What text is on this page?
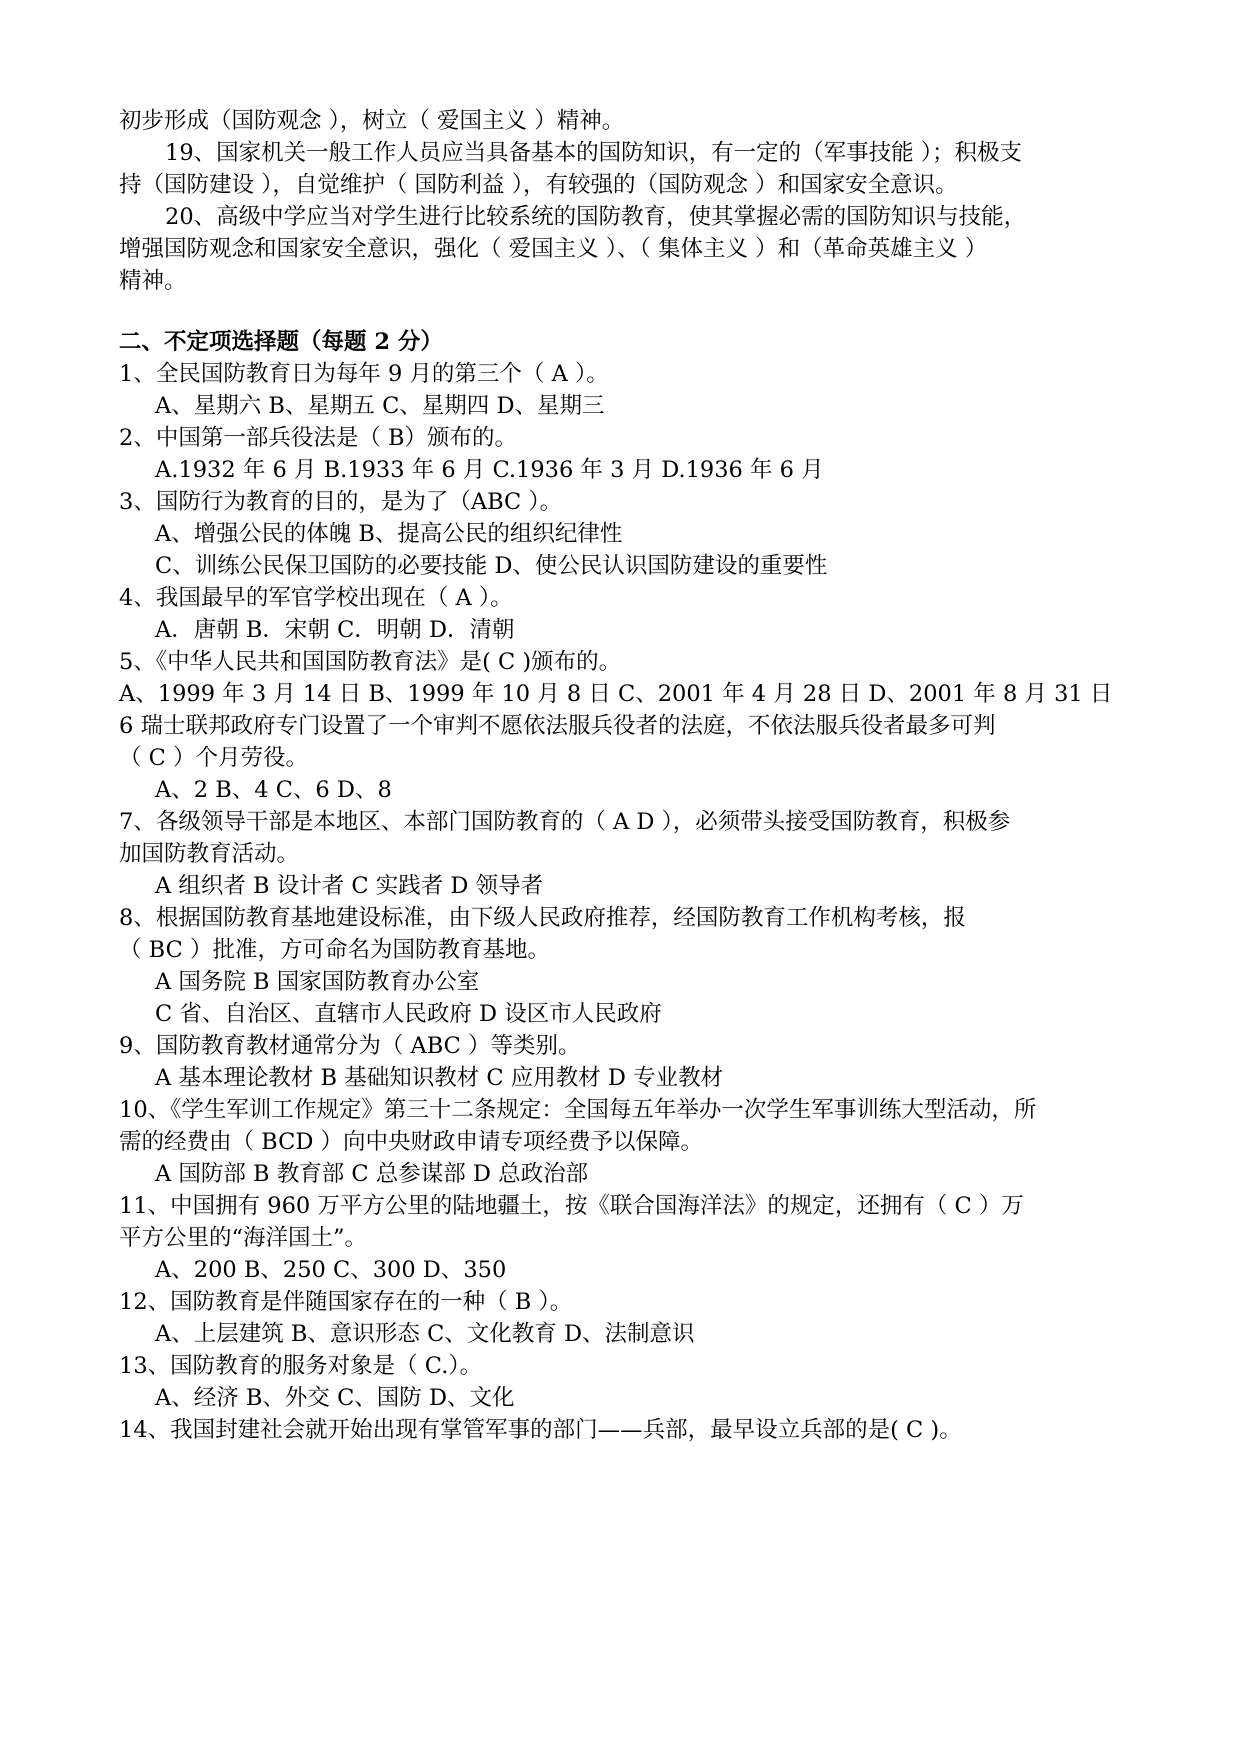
初步形成（国防观念 ），树立（ 爱国主义 ）精神。
19、国家机关一般工作人员应当具备基本的国防知识，有一定的（军事技能 ）；积极支
持（国防建设 ），自觉维护（ 国防利益 ），有较强的（国防观念 ）和国家安全意识。
20、高级中学应当对学生进行比较系统的国防教育，使其掌握必需的国防知识与技能，
增强国防观念和国家安全意识，强化（ 爱国主义 ）、（ 集体主义 ）和（革命英雄主义 ）
精神。
二、不定项选择题（每题 2 分）
1、全民国防教育日为每年 9 月的第三个（ A ）。
A、星期六 B、星期五 C、星期四 D、星期三
2、中国第一部兵役法是（ B）颁布的。
A.1932 年 6 月 B.1933 年 6 月 C.1936 年 3 月 D.1936 年 6 月
3、国防行为教育的目的，是为了（ABC ）。
A、增强公民的体魄 B、提高公民的组织纪律性
C、训练公民保卫国防的必要技能 D、使公民认识国防建设的重要性
4、我国最早的军官学校出现在（ A ）。
A．唐朝 B．宋朝 C．明朝 D．清朝
5、《中华人民共和国国防教育法》是( C )颁布的。
A、1999 年 3 月 14 日 B、1999 年 10 月 8 日 C、2001 年 4 月 28 日 D、2001 年 8 月 31 日
6 瑞士联邦政府专门设置了一个审判不愿依法服兵役者的法庭，不依法服兵役者最多可判
（ C ）个月劳役。
A、2 B、4 C、6 D、8
7、各级领导干部是本地区、本部门国防教育的（ A D ），必须带头接受国防教育，积极参
加国防教育活动。
A 组织者 B 设计者 C 实践者 D 领导者
8、根据国防教育基地建设标准，由下级人民政府推荐，经国防教育工作机构考核，报
（ BC ）批准，方可命名为国防教育基地。
A 国务院 B 国家国防教育办公室
C 省、自治区、直辖市人民政府 D 设区市人民政府
9、国防教育教材通常分为（ ABC ）等类别。
A 基本理论教材 B 基础知识教材 C 应用教材 D 专业教材
10、《学生军训工作规定》第三十二条规定：全国每五年举办一次学生军事训练大型活动，所
需的经费由（ BCD ）向中央财政申请专项经费予以保障。
A 国防部 B 教育部 C 总参谋部 D 总政治部
11、中国拥有 960 万平方公里的陆地疆土，按《联合国海洋法》的规定，还拥有（ C ）万
平方公里的“海洋国土”。
A、200 B、250 C、300 D、350
12、国防教育是伴随国家存在的一种（ B ）。
A、上层建筑 B、意识形态 C、文化教育 D、法制意识
13、国防教育的服务对象是（ C.）。
A、经济 B、外交 C、国防 D、文化
14、我国封建社会就开始出现有掌管军事的部门——兵部，最早设立兵部的是( C )。
